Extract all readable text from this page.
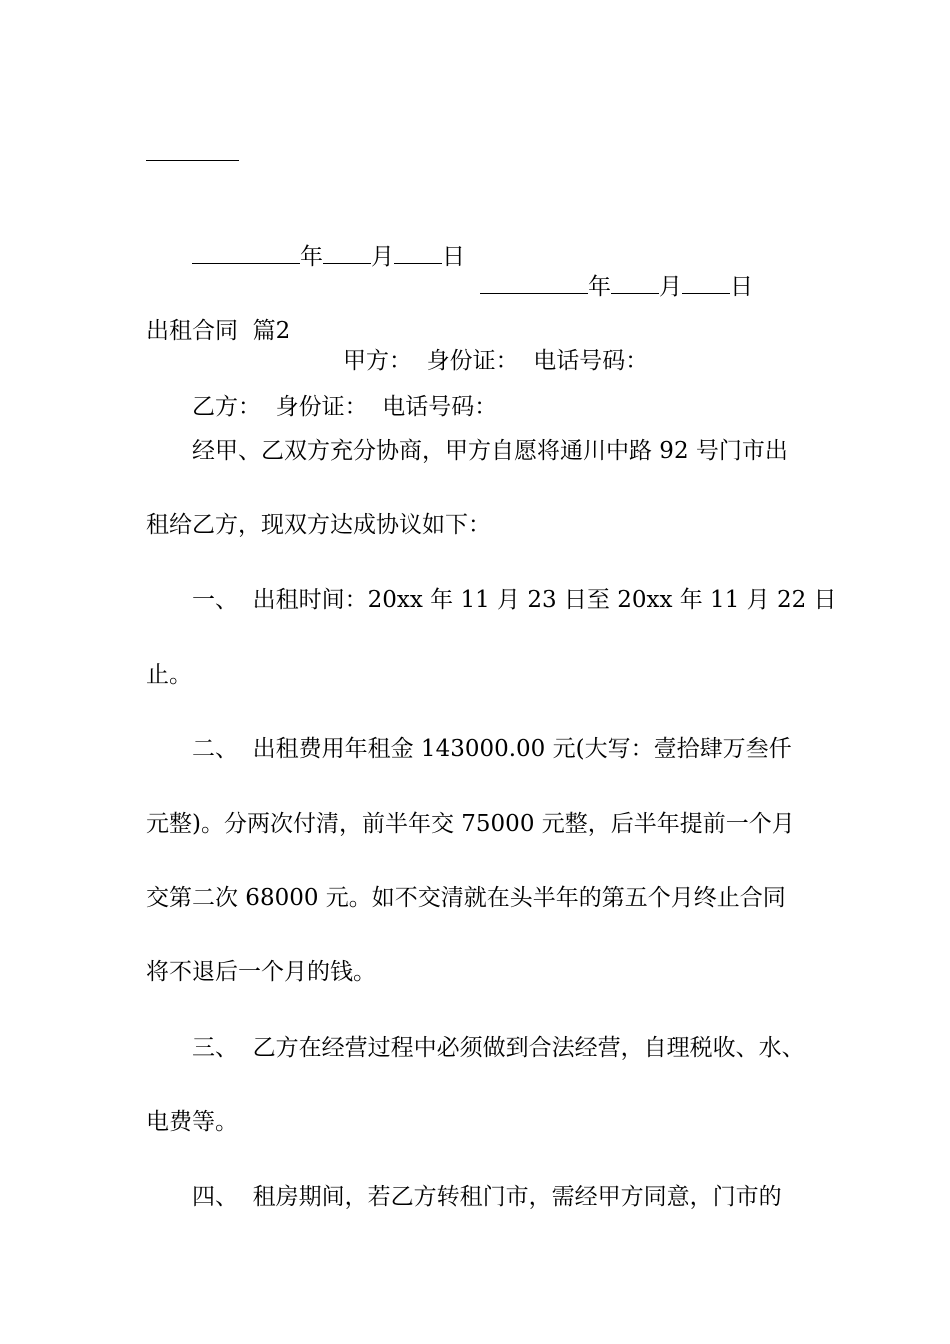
年 月 日

年 月 日

出租合同  篇2

甲方：  身份证：  电话号码：

乙方：  身份证：  电话号码：

经甲、乙双方充分协商，甲方自愿将通川中路 92 号门市出
租给乙方，现双方达成协议如下：
一、  出租时间：20xx 年 11 月 23 日至 20xx 年 11 月 22 日
止。
二、  出租费用年租金 143000.00 元(大写：壹拾肆万叁仟
元整)。分两次付清，前半年交 75000 元整，后半年提前一个月
交第二次 68000 元。如不交清就在头半年的第五个月终止合同
将不退后一个月的钱。
三、  乙方在经营过程中必须做到合法经营，自理税收、水、
电费等。
四、  租房期间，若乙方转租门市，需经甲方同意，门市的
